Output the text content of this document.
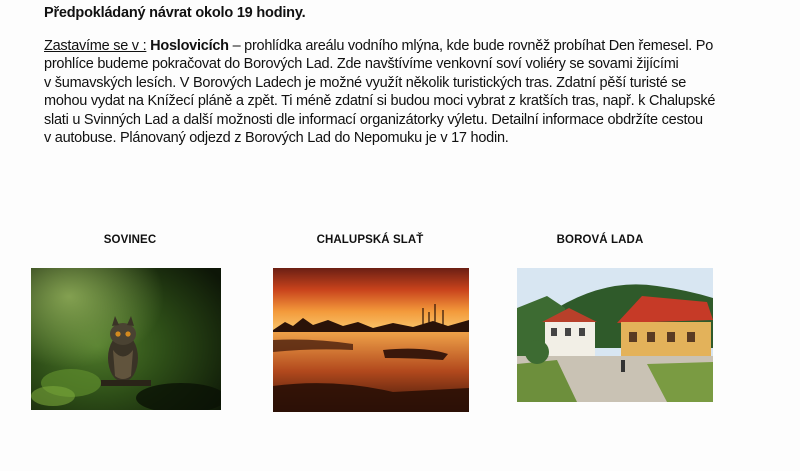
Předpokládaný návrat okolo 19 hodiny.
Zastavíme se v : Hoslovicích – prohlídka areálu vodního mlýna, kde bude rovněž probíhat Den řemesel. Po
prohlíce budeme pokračovat do Borových Lad. Zde navštívíme venkovní soví voliéry se sovami žijícími
v šumavských lesích. V Borových Ladech je možné využít několik turistických tras. Zdatní pěší turisté se
mohou vydat na Knížecí pláně a zpět. Ti méně zdatní si budou moci vybrat z kratších tras, např. k Chalupské
slati u Svinných Lad a další možnosti dle informací organizátorky výletu. Detailní informace obdržíte cestou
v autobuse. Plánovaný odjezd z Borových Lad do Nepomuku je v 17 hodin.
SOVINEC	CHALUPSKÁ SLAŤ	BOROVÁ LADA
